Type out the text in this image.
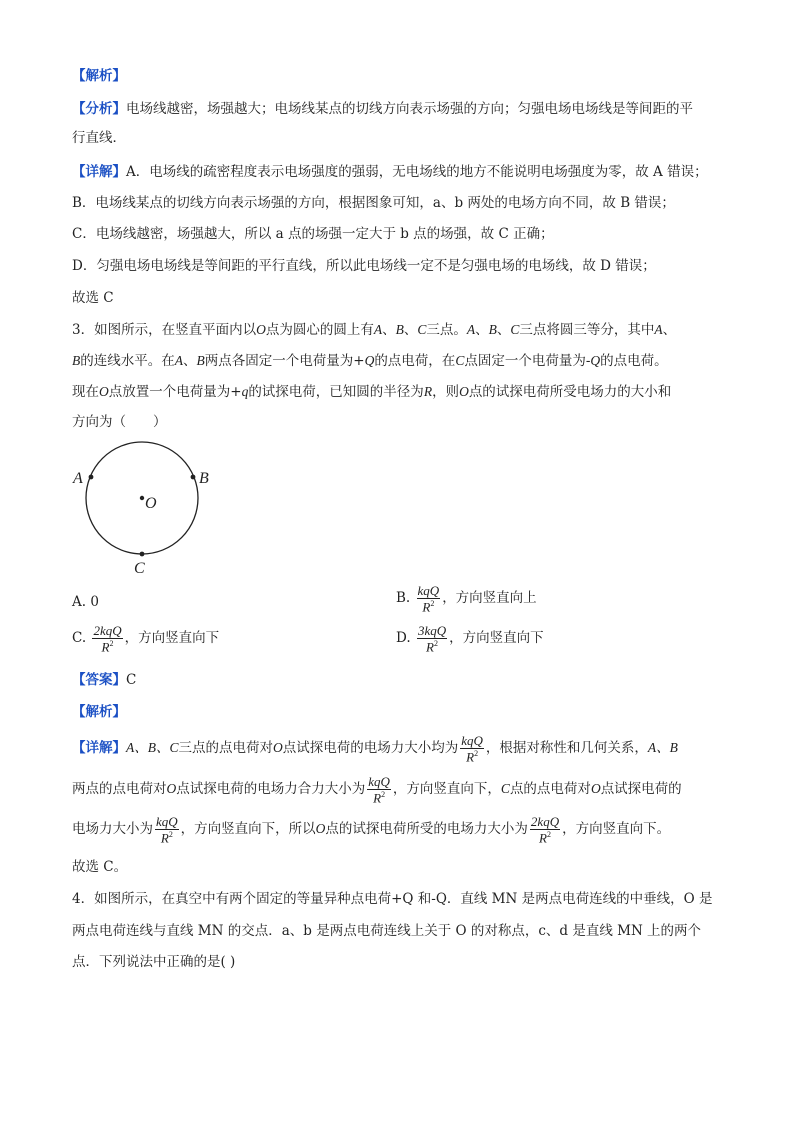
【解析】
【分析】电场线越密，场强越大；电场线某点的切线方向表示场强的方向；匀强电场电场线是等间距的平
行直线．
【详解】A．电场线的疏密程度表示电场强度的强弱，无电场线的地方不能说明电场强度为零，故 A 错误；
B．电场线某点的切线方向表示场强的方向，根据图象可知，a、b 两处的电场方向不同，故 B 错误；
C．电场线越密，场强越大，所以 a 点的场强一定大于 b 点的场强，故 C 正确；
D．匀强电场电场线是等间距的平行直线，所以此电场线一定不是匀强电场的电场线，故 D 错误；
故选 C
3．如图所示，在竖直平面内以O点为圆心的圆上有A、B、C三点。A、B、C三点将圆三等分，其中A、
B的连线水平。在A、B两点各固定一个电荷量为+Q的点电荷，在C点固定一个电荷量为-Q的点电荷。
现在O点放置一个电荷量为+q的试探电荷，已知圆的半径为R，则O点的试探电荷所受电场力的大小和
方向为（　　）
A	B
O
C
A. 0	B. $\frac{\text{kqQ}}{R^2}$ ，方向竖直向上
C. $\frac{\text{2kqQ}}{R^2}$ ，方向竖直向下	D. $\frac{\text{3kqQ}}{R^2}$ ，方向竖直向下
【答案】C
【解析】
【详解】A、B、C三点的点电荷对O点试探电荷的电场力大小均为 $\frac{\text{kqQ}}{R^2}$ ，根据对称性和几何关系，A、B
两点的点电荷对O点试探电荷的电场力合力大小为 $\frac{\text{kqQ}}{R^2}$ ，方向竖直向下，C点的点电荷对O点试探电荷的
电场力大小为 $\frac{\text{kqQ}}{R^2}$ ，方向竖直向下，所以O点的试探电荷所受的电场力大小为 $\frac{\text{2kqQ}}{R^2}$ ，方向竖直向下。
故选 C。
4．如图所示，在真空中有两个固定的等量异种点电荷+Q 和-Q．直线 MN 是两点电荷连线的中垂线，O 是
两点电荷连线与直线 MN 的交点．a、b 是两点电荷连线上关于 O 的对称点，c、d 是直线 MN 上的两个
点．下列说法中正确的是( )
